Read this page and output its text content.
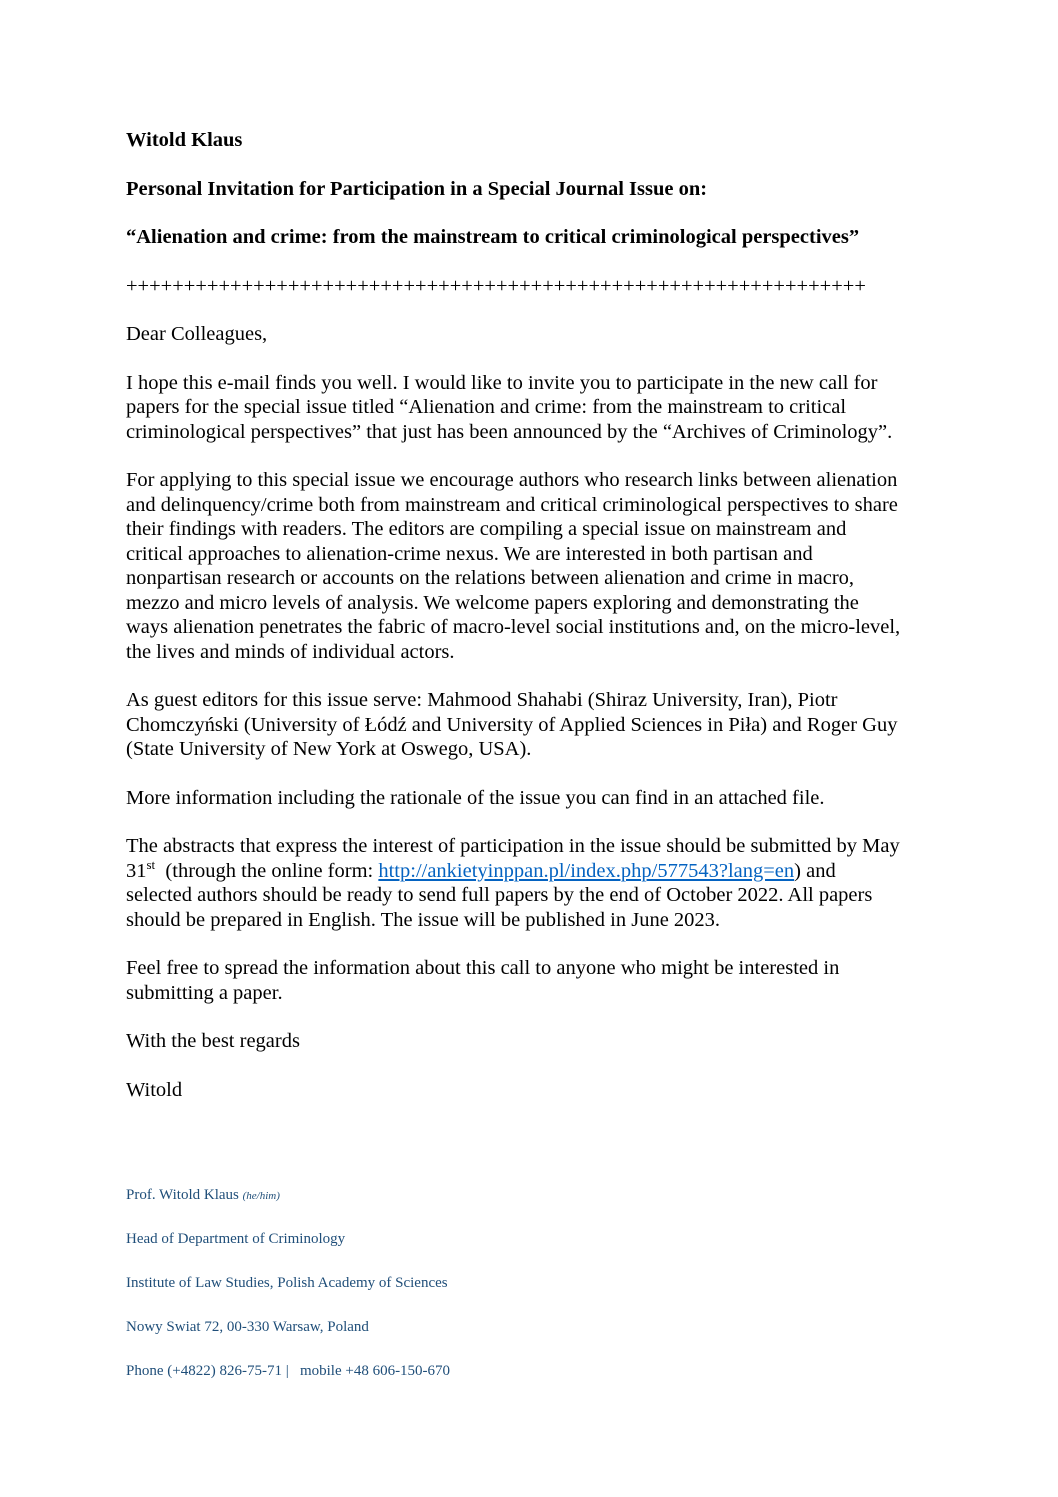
Witold Klaus

Personal Invitation for Participation in a Special Journal Issue on:

“Alienation and crime: from the mainstream to critical criminological perspectives”

++++++++++++++++++++++++++++++++++++++++++++++++++++++++++++++++

Dear Colleagues,

I hope this e-mail finds you well. I would like to invite you to participate in the new call for

papers for the special issue titled “Alienation and crime: from the mainstream to critical

criminological perspectives” that just has been announced by the “Archives of Criminology”.

For applying to this special issue we encourage authors who research links between alienation

and delinquency/crime both from mainstream and critical criminological perspectives to share

their findings with readers. The editors are compiling a special issue on mainstream and

critical approaches to alienation-crime nexus. We are interested in both partisan and

nonpartisan research or accounts on the relations between alienation and crime in macro,

mezzo and micro levels of analysis. We welcome papers exploring and demonstrating the

ways alienation penetrates the fabric of macro-level social institutions and, on the micro-level,

the lives and minds of individual actors.

As guest editors for this issue serve: Mahmood Shahabi (Shiraz University, Iran), Piotr

Chomczyński (University of Łódź and University of Applied Sciences in Piła) and Roger Guy

(State University of New York at Oswego, USA).

More information including the rationale of the issue you can find in an attached file.

The abstracts that express the interest of participation in the issue should be submitted by May

31st  (through the online form: http://ankietyinppan.pl/index.php/577543?lang=en) and

selected authors should be ready to send full papers by the end of October 2022. All papers

should be prepared in English. The issue will be published in June 2023.

Feel free to spread the information about this call to anyone who might be interested in

submitting a paper.

With the best regards

Witold

Prof. Witold Klaus (he/him)
Head of Department of Criminology
Institute of Law Studies, Polish Academy of Sciences
Nowy Swiat 72, 00-330 Warsaw, Poland
Phone (+4822) 826-75-71 |   mobile +48 606-150-670
